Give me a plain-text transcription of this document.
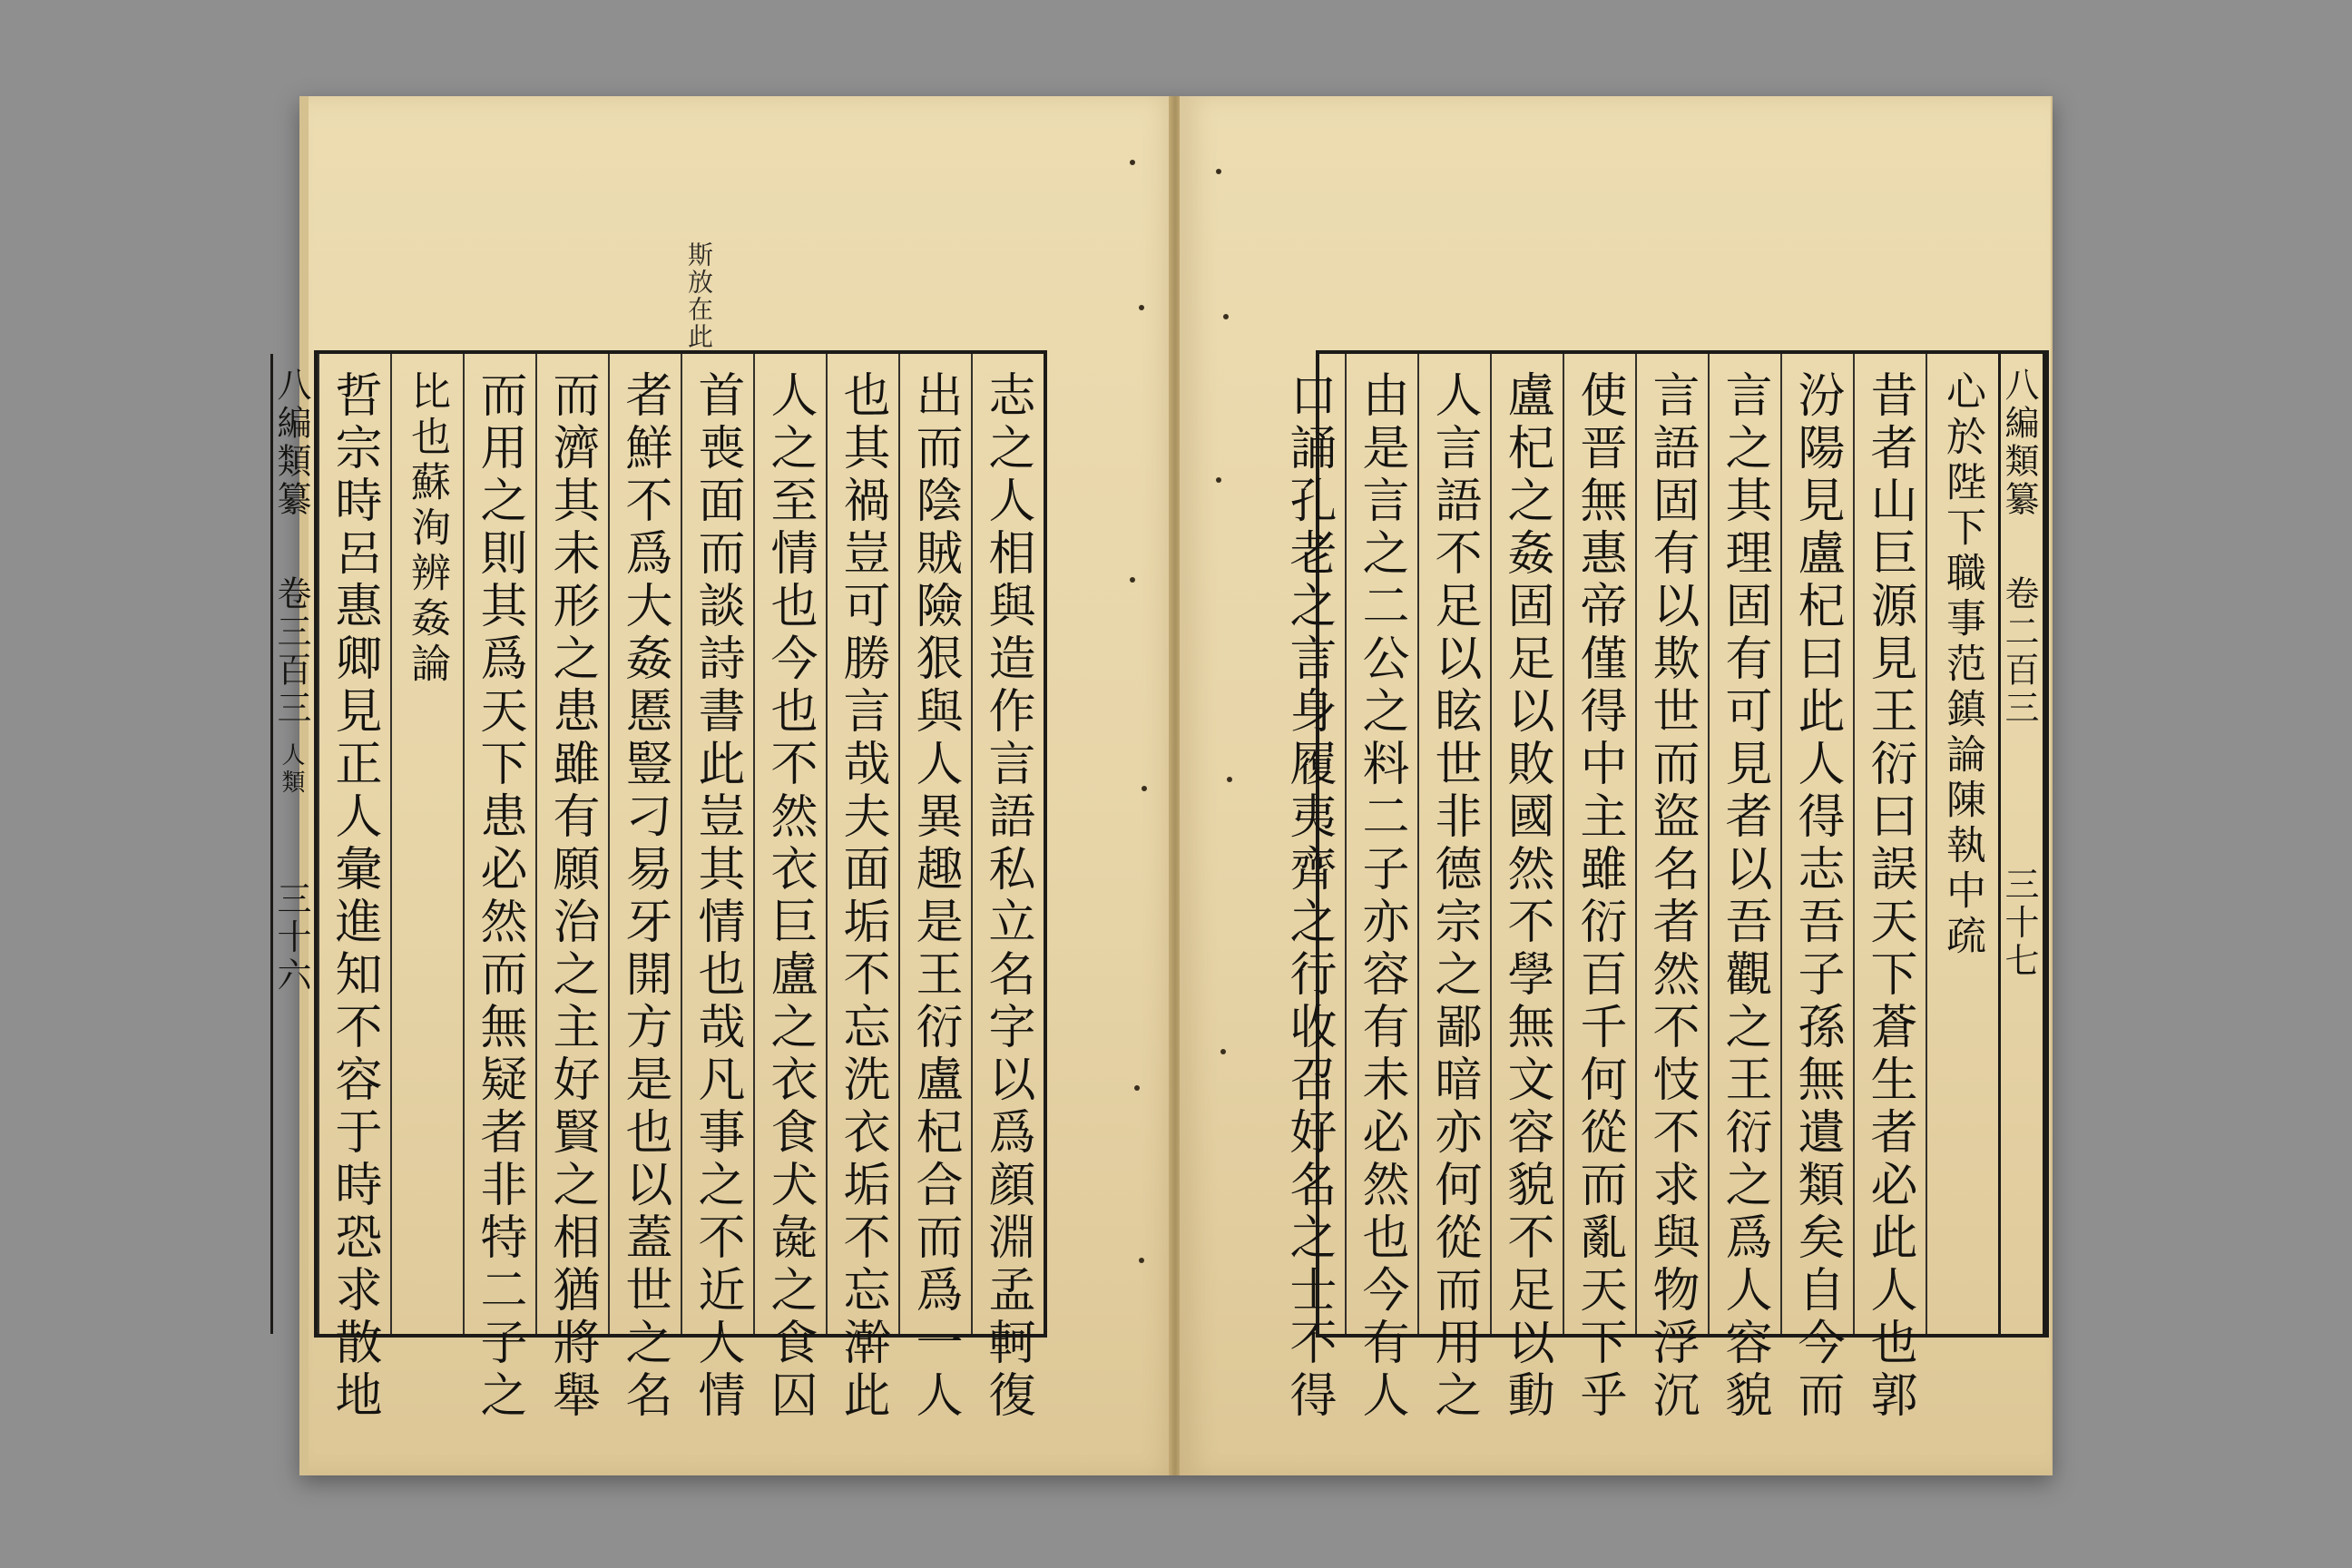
斯放在此
志之人相與造作言語私立名字以爲顔淵孟軻復
出而陰賊險狠與人異趣是王衍盧杞合而爲一人
也其禍豈可勝言哉夫面垢不忘洗衣垢不忘澣此
人之至情也今也不然衣巨盧之衣食犬彘之食囚
首喪面而談詩書此豈其情也哉凡事之不近人情
者鮮不爲大姦慝豎刁易牙開方是也以蓋世之名
而濟其未形之患雖有願治之主好賢之相猶將舉
而用之則其爲天下患必然而無疑者非特二子之
比也蘇洵辨姦論
哲宗時呂惠卿見正人彙進知不容于時恐求散地
八編類纂  卷三百三 人類  三十六
八編類纂  卷二百三  三十七
心於陛下職事范鎮論陳執中疏
昔者山巨源見王衍曰誤天下蒼生者必此人也郭
汾陽見盧杞曰此人得志吾子孫無遺類矣自今而
言之其理固有可見者以吾觀之王衍之爲人容貌
言語固有以欺世而盜名者然不忮不求與物浮沉
使晋無惠帝僅得中主雖衍百千何從而亂天下乎
盧杞之姦固足以敗國然不學無文容貌不足以動
人言語不足以眩世非德宗之鄙暗亦何從而用之
由是言之二公之料二子亦容有未必然也今有人
口誦孔老之言身履夷齊之行收召好名之士不得
